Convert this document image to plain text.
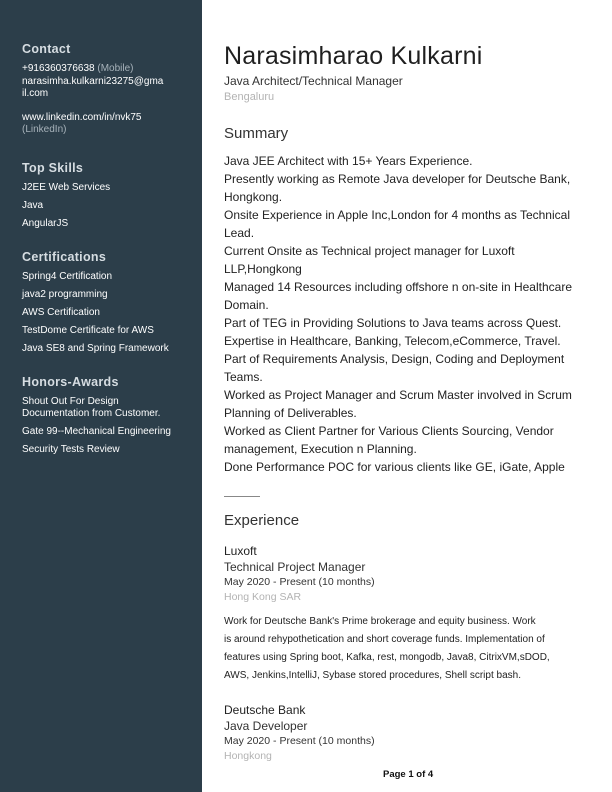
Contact
+916360376638 (Mobile)
narasimha.kulkarni23275@gma
il.com
www.linkedin.com/in/nvk75
(LinkedIn)
Top Skills
J2EE Web Services
Java
AngularJS
Certifications
Spring4 Certification
java2 programming
AWS Certification
TestDome Certificate for AWS
Java SE8 and Spring Framework
Honors-Awards
Shout Out For Design Documentation from Customer.
Gate 99--Mechanical Engineering
Security Tests Review
Narasimharao Kulkarni
Java Architect/Technical Manager
Bengaluru
Summary
Java JEE Architect with 15+ Years Experience.
Presently working as Remote Java developer for Deutsche Bank,
Hongkong.
Onsite Experience in Apple Inc,London for 4 months as Technical
Lead.
Current Onsite as Technical project manager for Luxoft
LLP,Hongkong
Managed 14 Resources including offshore n on-site in Healthcare
Domain.
Part of TEG in Providing Solutions to Java teams across Quest.
Expertise in Healthcare, Banking, Telecom,eCommerce, Travel.
Part of Requirements Analysis, Design, Coding and Deployment
Teams.
Worked as Project Manager and Scrum Master involved in Scrum
Planning of Deliverables.
Worked as Client Partner for Various Clients Sourcing, Vendor
management, Execution n Planning.
Done Performance POC for various clients like GE, iGate, Apple
Experience
Luxoft
Technical Project Manager
May 2020 - Present (10 months)
Hong Kong SAR
Work for Deutsche Bank's Prime brokerage and equity business. Work
is around rehypothetication and short coverage funds. Implementation of
features using Spring boot, Kafka, rest, mongodb, Java8, CitrixVM,sDOD,
AWS, Jenkins,IntelliJ, Sybase stored procedures, Shell script bash.
Deutsche Bank
Java Developer
May 2020 - Present (10 months)
Hongkong
Page 1 of 4
